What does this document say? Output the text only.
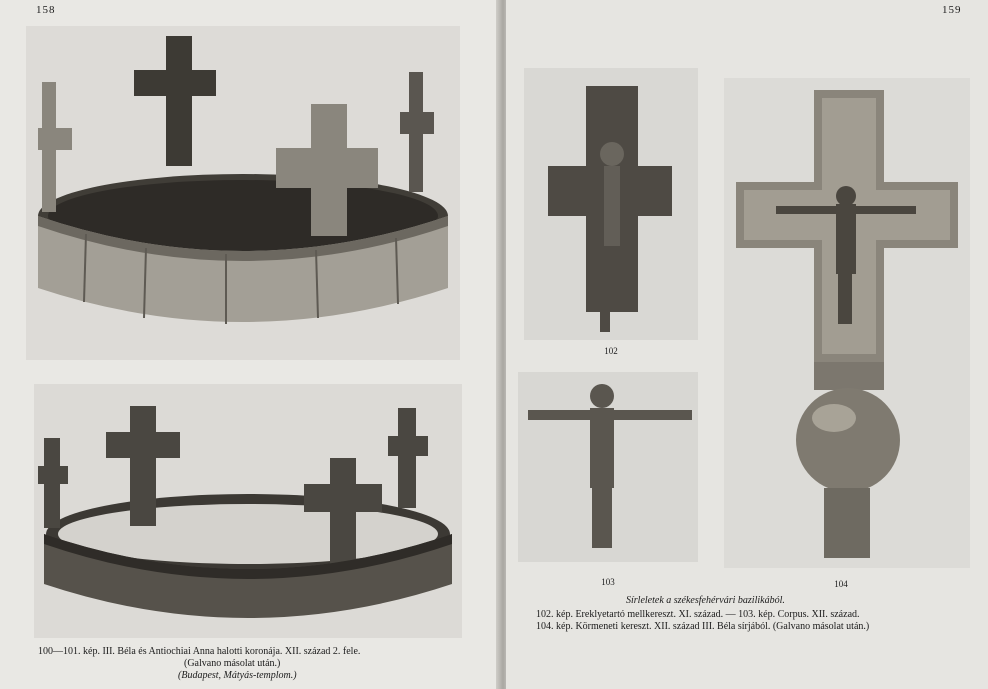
158
100—101. kép. III. Béla és Antiochiai Anna halotti koronája. XII. század 2. fele.
(Galvano másolat után.)
(Budapest, Mátyás-templom.)
159
102
103	104
Sírleletek a székesfehérvári bazilikából.
102. kép. Ereklyetartó mellkereszt. XI. század. — 103. kép. Corpus. XII. század.
104. kép. Körmeneti kereszt. XII. század III. Béla sírjából. (Galvano másolat után.)
